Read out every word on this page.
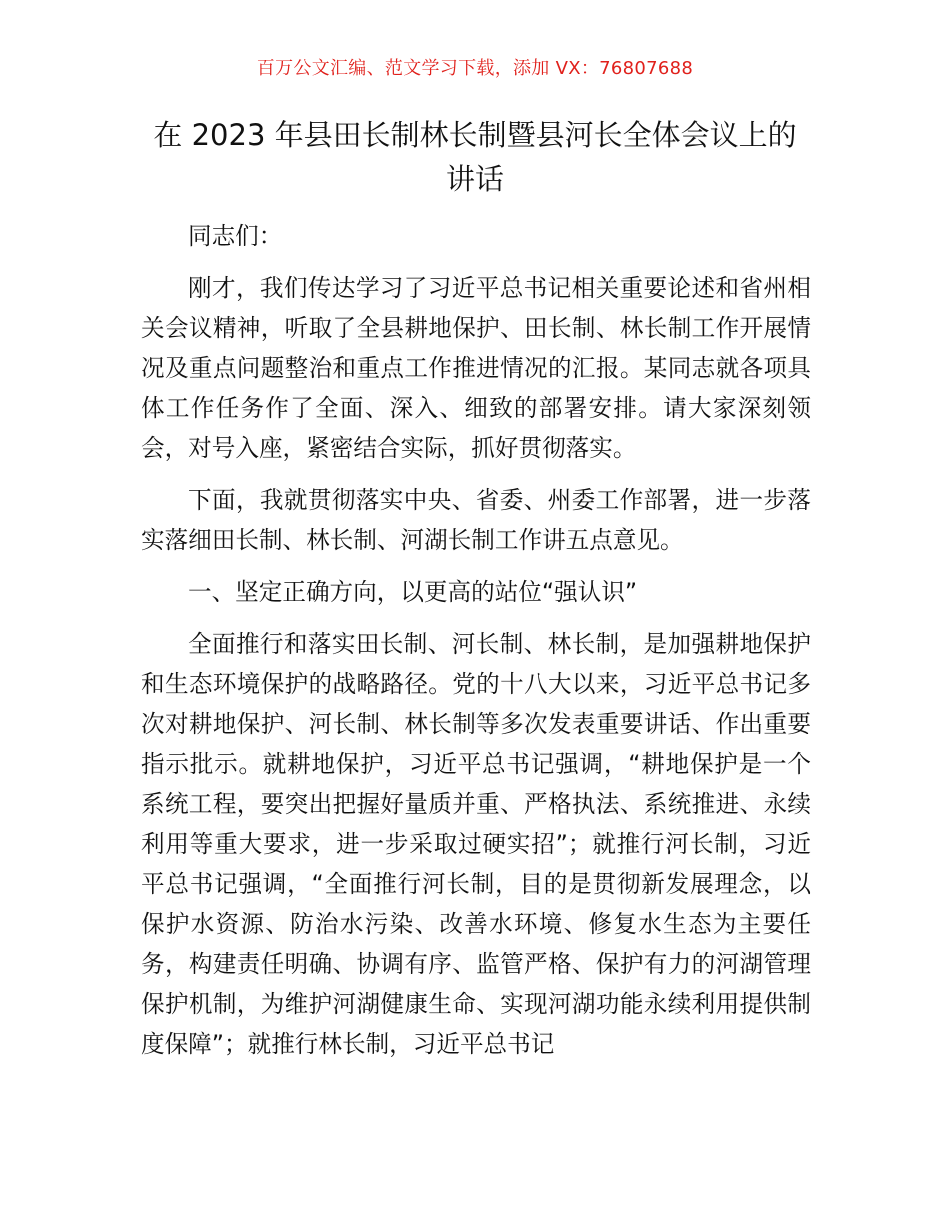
百万公文汇编、范文学习下载，添加 VX：76807688
在 2023 年县田长制林长制暨县河长全体会议上的讲话

同志们：

刚才，我们传达学习了习近平总书记相关重要论述和省州相关会议精神，听取了全县耕地保护、田长制、林长制工作开展情况及重点问题整治和重点工作推进情况的汇报。某同志就各项具体工作任务作了全面、深入、细致的部署安排。请大家深刻领会，对号入座，紧密结合实际，抓好贯彻落实。

下面，我就贯彻落实中央、省委、州委工作部署，进一步落实落细田长制、林长制、河湖长制工作讲五点意见。

一、坚定正确方向，以更高的站位“强认识”

全面推行和落实田长制、河长制、林长制，是加强耕地保护和生态环境保护的战略路径。党的十八大以来，习近平总书记多次对耕地保护、河长制、林长制等多次发表重要讲话、作出重要指示批示。就耕地保护，习近平总书记强调，“耕地保护是一个系统工程，要突出把握好量质并重、严格执法、系统推进、永续利用等重大要求，进一步采取过硬实招”；就推行河长制，习近平总书记强调，“全面推行河长制，目的是贯彻新发展理念，以保护水资源、防治水污染、改善水环境、修复水生态为主要任务，构建责任明确、协调有序、监管严格、保护有力的河湖管理保护机制，为维护河湖健康生命、实现河湖功能永续利用提供制度保障”；就推行林长制，习近平总书记
